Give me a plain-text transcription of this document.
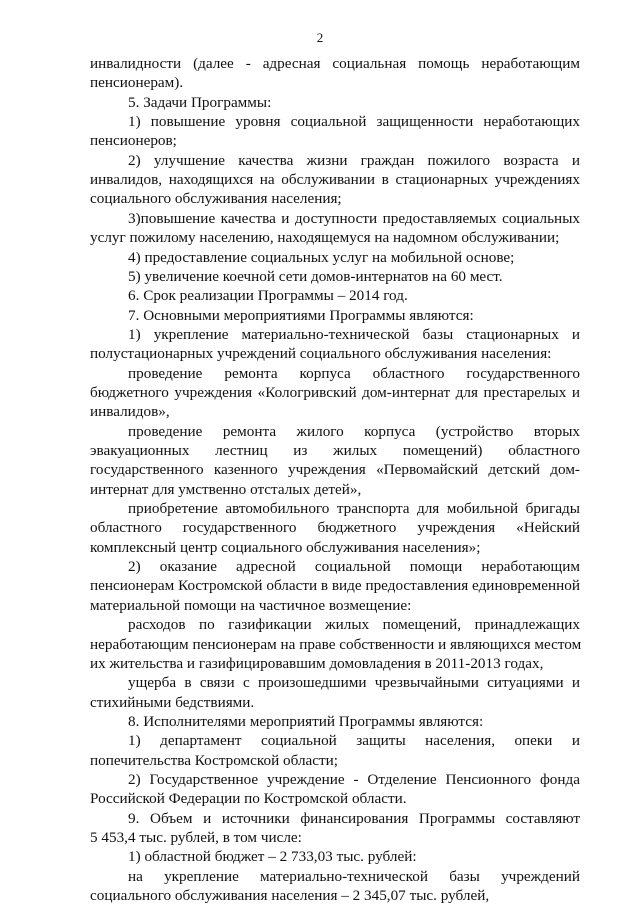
2
инвалидности (далее - адресная социальная помощь неработающим
пенсионерам).
5. Задачи Программы:
1) повышение уровня социальной защищенности неработающих
пенсионеров;
2) улучшение качества жизни граждан пожилого возраста и
инвалидов, находящихся на обслуживании в стационарных учреждениях
социального обслуживания населения;
3)повышение качества и доступности предоставляемых социальных
услуг пожилому населению, находящемуся на надомном обслуживании;
4) предоставление социальных услуг на мобильной основе;
5) увеличение коечной сети домов-интернатов на 60 мест.
6. Срок реализации Программы – 2014 год.
7. Основными мероприятиями Программы являются:
1) укрепление материально-технической базы стационарных и
полустационарных учреждений социального обслуживания населения:
проведение ремонта корпуса областного государственного
бюджетного учреждения «Кологривский дом-интернат для престарелых и
инвалидов»,
проведение ремонта жилого корпуса (устройство вторых
эвакуационных лестниц из жилых помещений) областного
государственного казенного учреждения «Первомайский детский дом-
интернат для умственно отсталых детей»,
приобретение автомобильного транспорта для мобильной бригады
областного государственного бюджетного учреждения «Нейский
комплексный центр социального обслуживания населения»;
2) оказание адресной социальной помощи неработающим
пенсионерам Костромской области в виде предоставления единовременной
материальной помощи на частичное возмещение:
расходов по газификации жилых помещений, принадлежащих
неработающим пенсионерам на праве собственности и являющихся местом
их жительства и газифицировавшим домовладения в 2011-2013 годах,
ущерба в связи с произошедшими чрезвычайными ситуациями и
стихийными бедствиями.
8. Исполнителями мероприятий Программы являются:
1) департамент социальной защиты населения, опеки и
попечительства Костромской области;
2) Государственное учреждение - Отделение Пенсионного фонда
Российской Федерации по Костромской области.
9. Объем и источники финансирования Программы составляют
5 453,4 тыс. рублей, в том числе:
1) областной бюджет – 2 733,03 тыс. рублей:
на укрепление материально-технической базы учреждений
социального обслуживания населения – 2 345,07 тыс. рублей,
